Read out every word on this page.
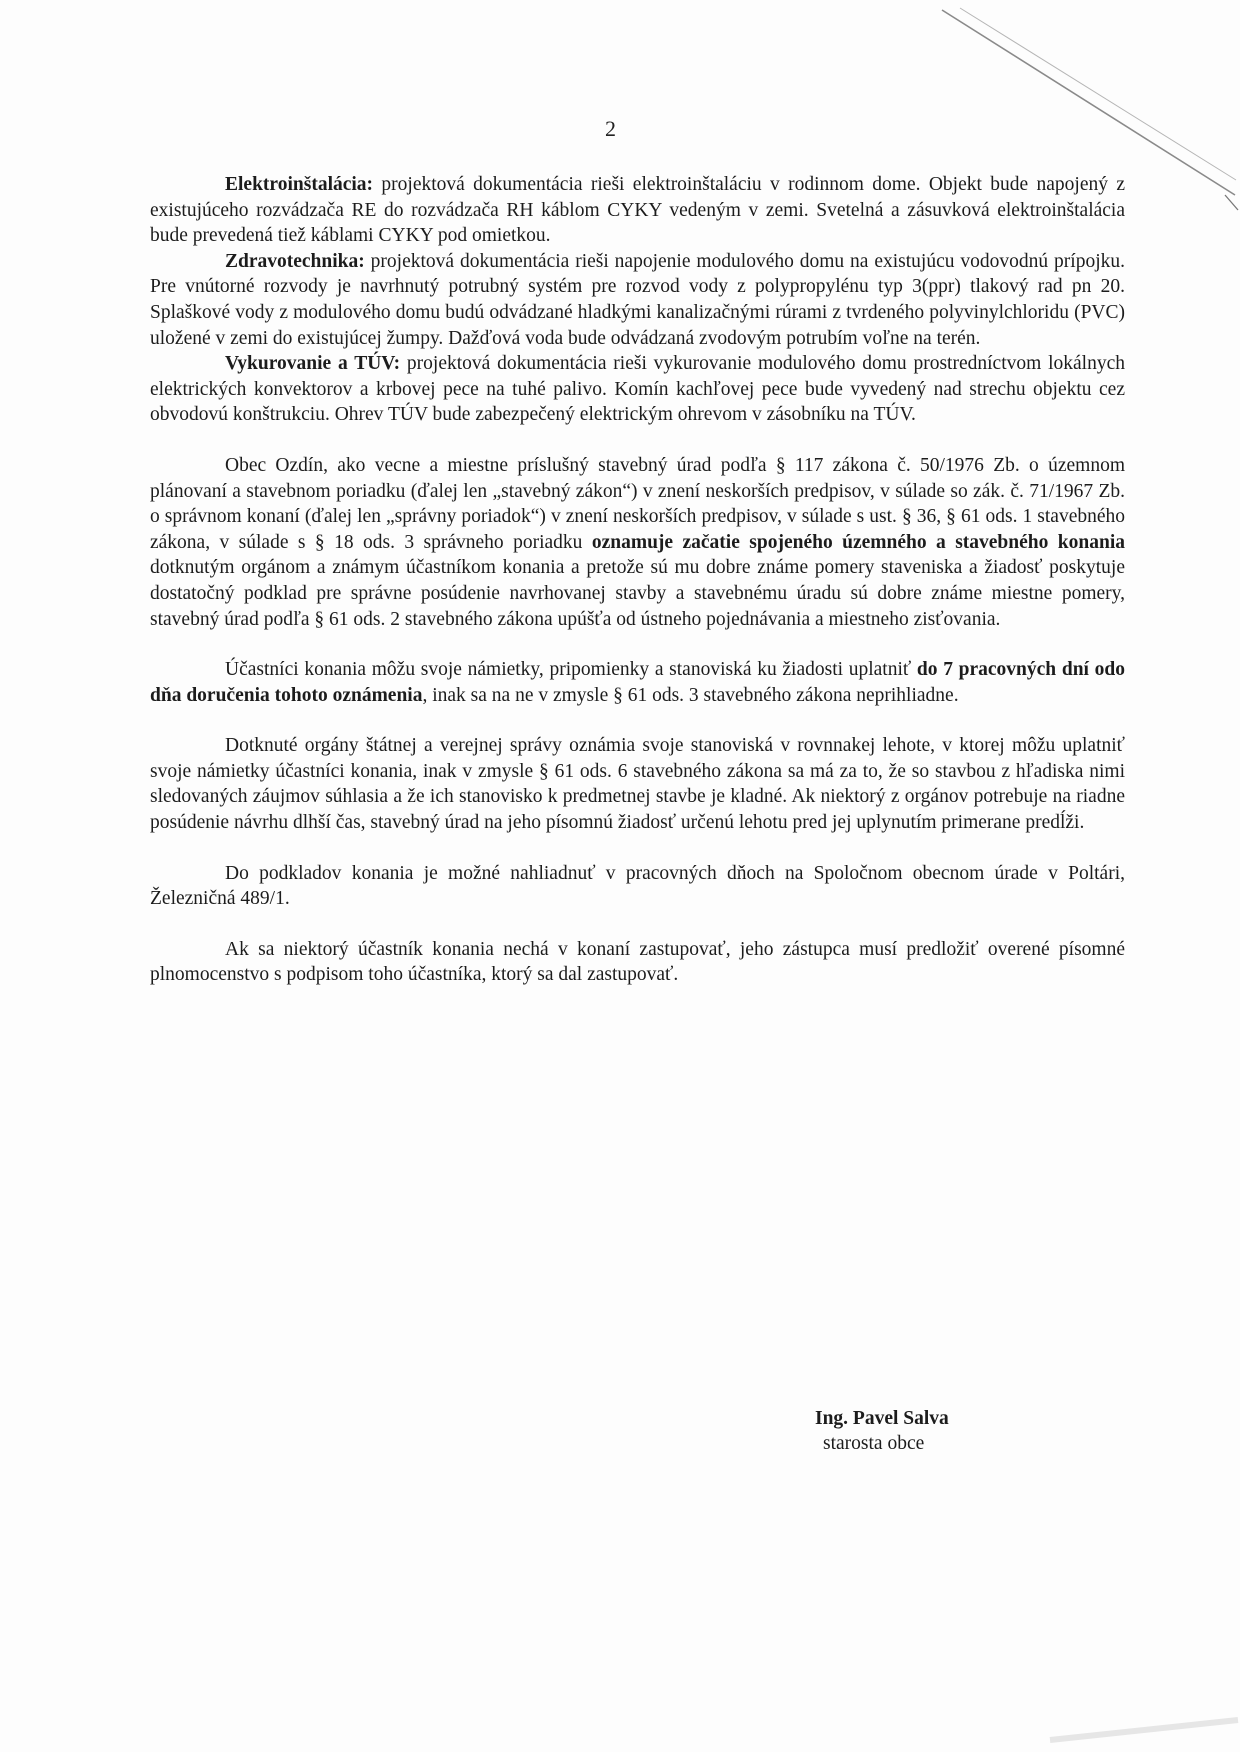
2

Elektroinštalácia: projektová dokumentácia rieši elektroinštaláciu v rodinnom dome. Objekt bude napojený z existujúceho rozvádzača RE do rozvádzača RH káblom CYKY vedeným v zemi. Svetelná a zásuvková elektroinštalácia bude prevedená tiež káblami CYKY pod omietkou.

Zdravotechnika: projektová dokumentácia rieši napojenie modulového domu na existujúcu vodovodnú prípojku. Pre vnútorné rozvody je navrhnutý potrubný systém pre rozvod vody z polypropylénu typ 3(ppr) tlakový rad pn 20. Splaškové vody z modulového domu budú odvádzané hladkými kanalizačnými rúrami z tvrdeného polyvinylchloridu (PVC) uložené v zemi do existujúcej žumpy. Dažďová voda bude odvádzaná zvodovým potrubím voľne na terén.

Vykurovanie a TÚV: projektová dokumentácia rieši vykurovanie modulového domu prostredníctvom lokálnych elektrických konvektorov a krbovej pece na tuhé palivo. Komín kachľovej pece bude vyvedený nad strechu objektu cez obvodovú konštrukciu. Ohrev TÚV bude zabezpečený elektrickým ohrevom v zásobníku na TÚV.

Obec Ozdín, ako vecne a miestne príslušný stavebný úrad podľa § 117 zákona č. 50/1976 Zb. o územnom plánovaní a stavebnom poriadku (ďalej len „stavebný zákon“) v znení neskorších predpisov, v súlade so zák. č. 71/1967 Zb. o správnom konaní (ďalej len „správny poriadok“) v znení neskorších predpisov, v súlade s ust. § 36, § 61 ods. 1 stavebného zákona, v súlade s § 18 ods. 3 správneho poriadku oznamuje začatie spojeného územného a stavebného konania dotknutým orgánom a známym účastníkom konania a pretože sú mu dobre známe pomery staveniska a žiadosť poskytuje dostatočný podklad pre správne posúdenie navrhovanej stavby a stavebnému úradu sú dobre známe miestne pomery, stavebný úrad podľa § 61 ods. 2 stavebného zákona upúšťa od ústneho pojednávania a miestneho zisťovania.

Účastníci konania môžu svoje námietky, pripomienky a stanoviská ku žiadosti uplatniť do 7 pracovných dní odo dňa doručenia tohoto oznámenia, inak sa na ne v zmysle § 61 ods. 3 stavebného zákona neprihliadne.

Dotknuté orgány štátnej a verejnej správy oznámia svoje stanoviská v rovnnakej lehote, v ktorej môžu uplatniť svoje námietky účastníci konania, inak v zmysle § 61 ods. 6 stavebného zákona sa má za to, že so stavbou z hľadiska nimi sledovaných záujmov súhlasia a že ich stanovisko k predmetnej stavbe je kladné. Ak niektorý z orgánov potrebuje na riadne posúdenie návrhu dlhší čas, stavebný úrad na jeho písomnú žiadosť určenú lehotu pred jej uplynutím primerane predĺži.

Do podkladov konania je možné nahliadnuť v pracovných dňoch na Spoločnom obecnom úrade v Poltári, Železničná 489/1.

Ak sa niektorý účastník konania nechá v konaní zastupovať, jeho zástupca musí predložiť overené písomné plnomocenstvo s podpisom toho účastníka, ktorý sa dal zastupovať.

Ing. Pavel Salva
starosta obce
